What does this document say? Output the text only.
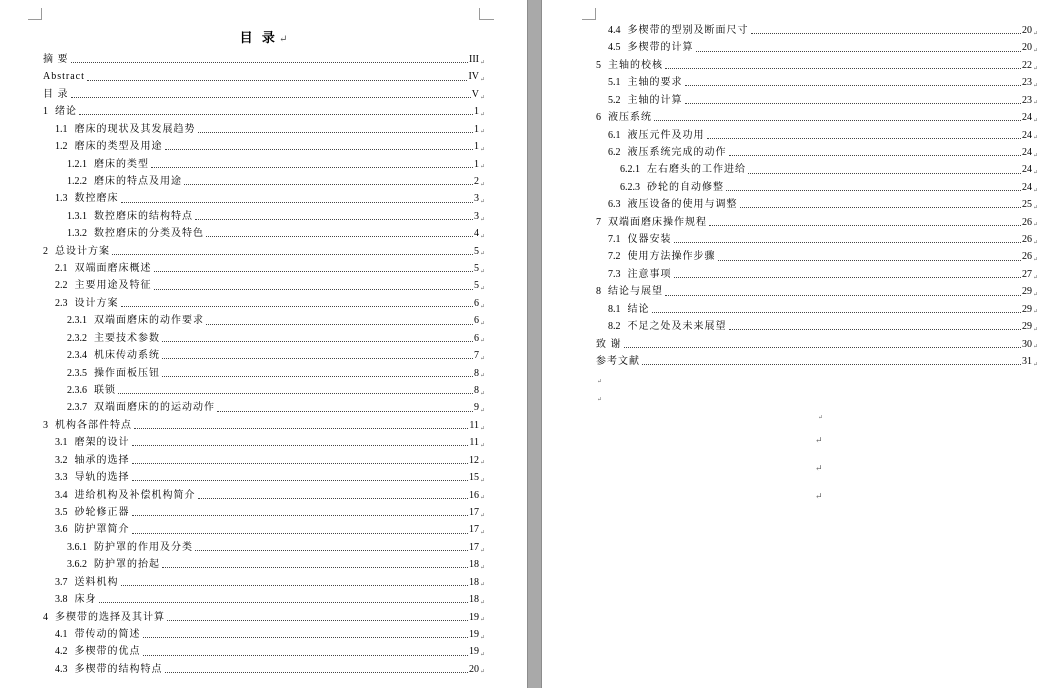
目 录↵
摘 要	III
↵
Abstract	IV
↵
目 录	V
↵
1 绪论	1
↵
1.1 磨床的现状及其发展趋势	1
↵
1.2 磨床的类型及用途	1
↵
1.2.1 磨床的类型	1
↵
1.2.2 磨床的特点及用途	2
↵
1.3 数控磨床	3
↵
1.3.1 数控磨床的结构特点	3
↵
1.3.2 数控磨床的分类及特色	4
↵
2 总设计方案	5
↵
2.1 双端面磨床概述	5
↵
2.2 主要用途及特征	5
↵
2.3 设计方案	6
↵
2.3.1 双端面磨床的动作要求	6
↵
2.3.2 主要技术参数	6
↵
2.3.4 机床传动系统	7
↵
2.3.5 操作面板压钮	8
↵
2.3.6 联锁	8
↵
2.3.7 双端面磨床的的运动动作	9
↵
3 机构各部件特点	11
↵
3.1 磨架的设计	11
↵
3.2 轴承的选择	12
↵
3.3 导轨的选择	15
↵
3.4 进给机构及补偿机构简介	16
↵
3.5 砂轮修正器	17
↵
3.6 防护罩简介	17
↵
3.6.1 防护罩的作用及分类	17
↵
3.6.2 防护罩的抬起	18
↵
3.7 送料机构	18
↵
3.8 床身	18
↵
4 多楔带的选择及其计算	19
↵
4.1 带传动的简述	19
↵
4.2 多楔带的优点	19
↵
4.3 多楔带的结构特点	20
↵
4.4 多楔带的型别及断面尺寸	20
↵
4.5 多楔带的计算	20
↵
5 主轴的校核	22
↵
5.1 主轴的要求	23
↵
5.2 主轴的计算	23
↵
6 液压系统	24
↵
6.1 液压元件及功用	24
↵
6.2 液压系统完成的动作	24
↵
6.2.1 左右磨头的工作进给	24
↵
6.2.3 砂轮的自动修整	24
↵
6.3 液压设备的使用与调整	25
↵
7 双端面磨床操作规程	26
↵
7.1 仪器安装	26
↵
7.2 使用方法操作步骤	26
↵
7.3 注意事项	27
↵
8 结论与展望	29
↵
8.1 结论	29
↵
8.2 不足之处及未来展望	29
↵
致 谢	30
↵
参考文献	31
↵
↵
↵
↵
↵
↵
↵
